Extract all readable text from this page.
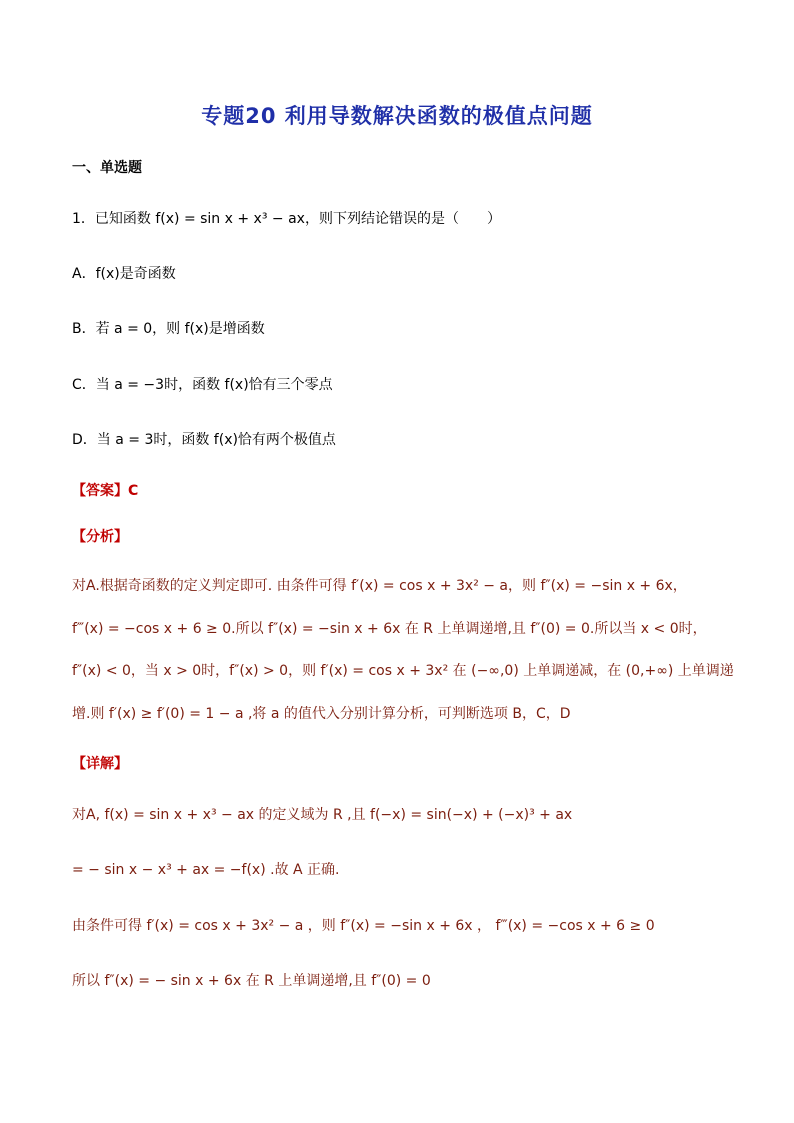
专题20 利用导数解决函数的极值点问题
一、单选题
1．已知函数 f(x) = sin x + x³ − ax，则下列结论错误的是（　　）
A．f(x)是奇函数
B．若 a = 0，则 f(x)是增函数
C．当 a = −3时，函数 f(x)恰有三个零点
D．当 a = 3时，函数 f(x)恰有两个极值点
【答案】C
【分析】
对A.根据奇函数的定义判定即可. 由条件可得 f′(x) = cos x + 3x² − a，则 f″(x) = −sin x + 6x，
f‴(x) = −cos x + 6 ≥ 0.所以 f″(x) = −sin x + 6x 在 R 上单调递增,且 f″(0) = 0.所以当 x < 0时，
f″(x) < 0，当 x > 0时，f″(x) > 0，则 f′(x) = cos x + 3x² 在 (−∞,0) 上单调递减，在 (0,+∞) 上单调递
增.则 f′(x) ≥ f′(0) = 1 − a ,将 a 的值代入分别计算分析，可判断选项 B，C，D
【详解】
对A, f(x) = sin x + x³ − ax 的定义域为 R ,且 f(−x) = sin(−x) + (−x)³ + ax
= − sin x − x³ + ax = −f(x) .故 A 正确.
由条件可得 f′(x) = cos x + 3x² − a ，则 f″(x) = −sin x + 6x ， f‴(x) = −cos x + 6 ≥ 0
所以 f″(x) = − sin x + 6x 在 R 上单调递增,且 f″(0) = 0
